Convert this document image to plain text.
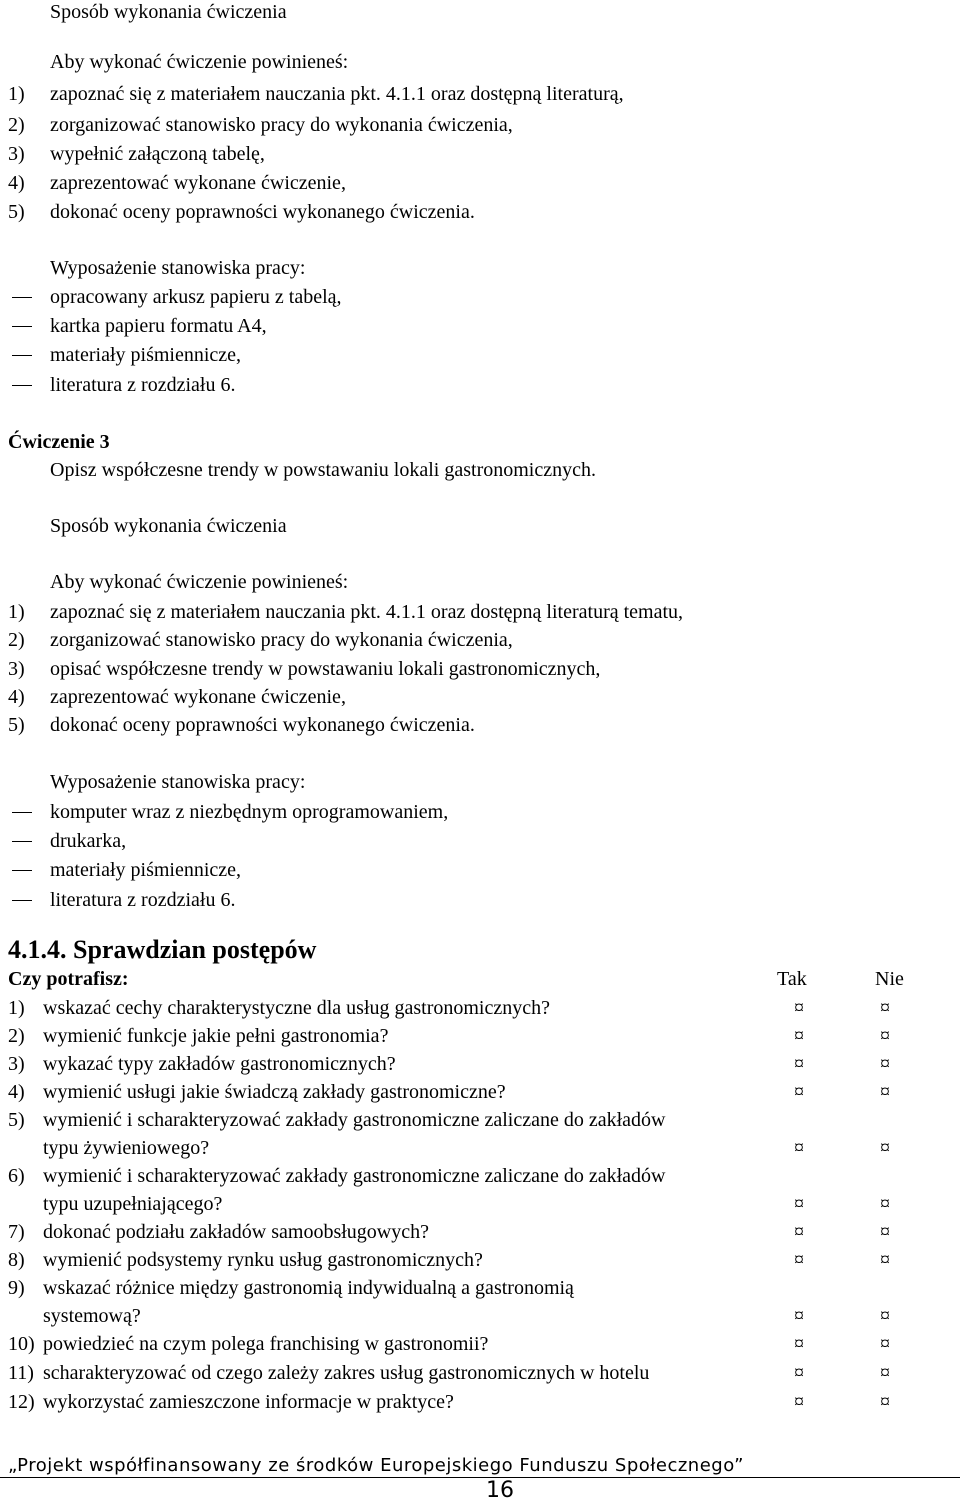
Sposób wykonania ćwiczenia
Aby wykonać ćwiczenie powinieneś:
1) zapoznać się z materiałem nauczania pkt. 4.1.1 oraz dostępną literaturą,
2) zorganizować stanowisko pracy do wykonania ćwiczenia,
3) wypełnić załączoną tabelę,
4) zaprezentować wykonane ćwiczenie,
5) dokonać oceny poprawności wykonanego ćwiczenia.
Wyposażenie stanowiska pracy:
opracowany arkusz papieru z tabelą,
kartka papieru formatu A4,
materiały piśmiennicze,
literatura z rozdziału 6.
Ćwiczenie 3
Opisz współczesne trendy w powstawaniu lokali gastronomicznych.
Sposób wykonania ćwiczenia
Aby wykonać ćwiczenie powinieneś:
1) zapoznać się z materiałem nauczania pkt. 4.1.1 oraz dostępną literaturą tematu,
2) zorganizować stanowisko pracy do wykonania ćwiczenia,
3) opisać współczesne trendy w powstawaniu lokali gastronomicznych,
4) zaprezentować wykonane ćwiczenie,
5) dokonać oceny poprawności wykonanego ćwiczenia.
Wyposażenie stanowiska pracy:
komputer wraz z niezbędnym oprogramowaniem,
drukarka,
materiały piśmiennicze,
literatura z rozdziału 6.
4.1.4. Sprawdzian postępów
Czy potrafisz:	Tak	Nie
1) wskazać cechy charakterystyczne dla usług gastronomicznych?	¤	¤
2) wymienić funkcje jakie pełni gastronomia?	¤	¤
3) wykazać typy zakładów gastronomicznych?	¤	¤
4) wymienić usługi jakie świadczą zakłady gastronomiczne?	¤	¤
5) wymienić i scharakteryzować zakłady gastronomiczne zaliczane do zakładów
typu żywieniowego?	¤	¤
6) wymienić i scharakteryzować zakłady gastronomiczne zaliczane do zakładów
typu uzupełniającego?	¤	¤
7) dokonać podziału zakładów samoobsługowych?	¤	¤
8) wymienić podsystemy rynku usług gastronomicznych?	¤	¤
9) wskazać różnice między gastronomią indywidualną a gastronomią
systemową?	¤	¤
10) powiedzieć na czym polega franchising w gastronomii?	¤	¤
11) scharakteryzować od czego zależy zakres usług gastronomicznych w hotelu	¤	¤
12) wykorzystać zamieszczone informacje w praktyce?	¤	¤
„Projekt współfinansowany ze środków Europejskiego Funduszu Społecznego”
16
